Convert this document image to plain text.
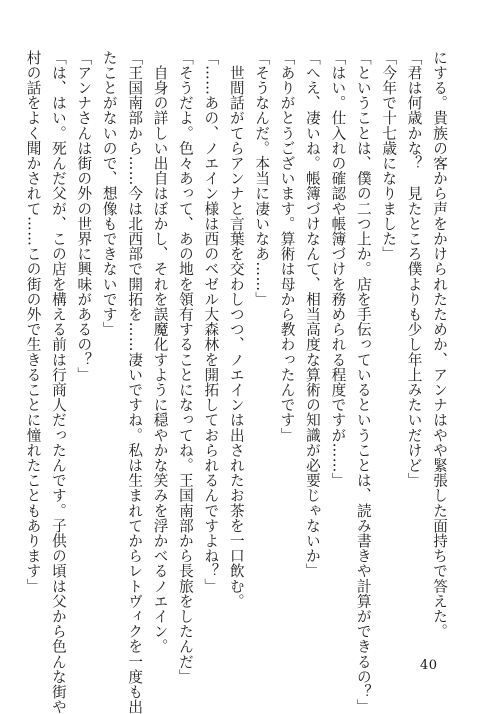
にする。貴族の客から声をかけられたためか、アンナはやや緊張した面持ちで答えた。
「君は何歳かな？　見たところ僕よりも少し年上みたいだけど」
「今年で十七歳になりました」
「ということは、僕の二つ上か。店を手伝っているということは、読み書きや計算ができるの？」
「はい。仕入れの確認や帳簿づけを務められる程度ですが……」
「へえ、凄いね。帳簿づけなんて、相当高度な算術の知識が必要じゃないか」
「ありがとうございます。算術は母から教わったんです」
「そうなんだ。本当に凄いなあ……」
　世間話がてらアンナと言葉を交わしつつ、ノエインは出されたお茶を一口飲む。
「……あの、ノエイン様は西のベゼル大森林を開拓しておられるんですよね？」
「そうだよ。色々あって、あの地を領有することになってね。王国南部から長旅をしたんだ」
　自身の詳しい出自はぼかし、それを誤魔化すように穏やかな笑みを浮かべるノエイン。
「王国南部から……今は北西部で開拓を……凄いですね。私は生まれてからレトヴィクを一度も出
たことがないので、想像もできないです」
「アンナさんは街の外の世界に興味があるの？」
「は、はい。死んだ父が、この店を構える前は行商人だったんです。子供の頃は父から色んな街や
村の話をよく聞かされて……この街の外で生きることに憧れたこともあります」
40
